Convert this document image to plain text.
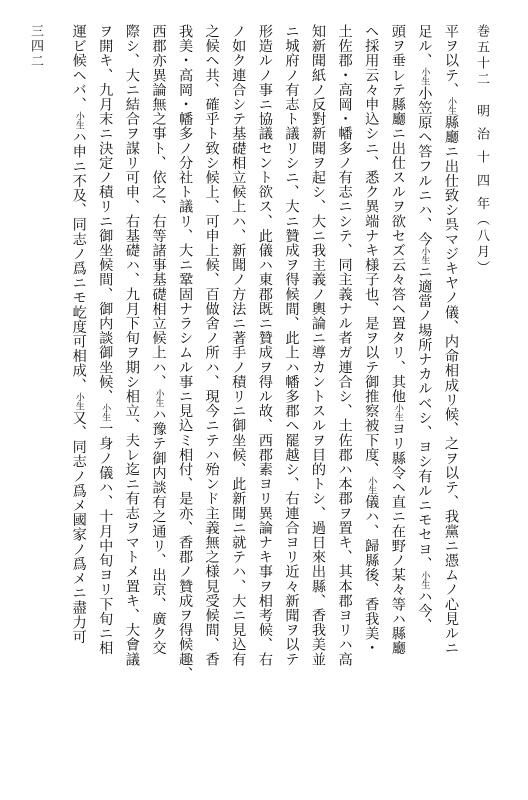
巻五十二　明 治 十 四 年（八月）
三四二	平ヲ以テ、小生縣廳ニ出仕致シ呉マジキヤノ儀、内命相成リ候、之ヲ以テ、我黨ニ憑ムノ心見ルニ
足ル、小生小笠原ヘ答フルニハ、今小生ニ適當ノ場所ナカルベシ、ヨシ有ルニモセヨ、小生ハ今、
頭ヲ垂レテ縣廳ニ出仕スルヲ欲セズ云々答ヘ置タリ、其他小生ヨリ縣令ヘ直ニ在野ノ某々等ハ縣廳
ヘ採用云々申込シニ、悉ク異端ナキ様子也、是ヲ以テ御推察被下度、小生儀ハ、歸縣後、香我美・
土佐郡・高岡・幡多ノ有志ニシテ、同主義ナル者ガ連合シ、土佐郡ハ本郡ヲ置キ、其本郡ヨリハ高
知新聞紙ノ反對新聞ヲ起シ、大ニ我主義ノ輿論ニ導カントスルヲ目的トシ、過日來出縣、香我美並
ニ城府ノ有志ト議リシニ、大ニ贊成ヲ得候間、此上ハ幡多郡ヘ罷越シ、右連合ヨリ近々新聞ヲ以テ
形造ルノ事ニ協議セント欲ス、此儀ハ東郡既ニ贊成ヲ得ル故、西郡素ヨリ異論ナキ事ヲ相考候、右
ノ如ク連合シテ基礎相立候上ハ、新聞ノ方法ニ著手ノ積リニ御坐候、此新聞ニ就テハ、大ニ見込有
之候ヘ共、確乎ト致シ候上、可申上候、百做舍ノ所ハ、現今ニテハ殆ンド主義無之様見受候間、香
我美・高岡・幡多ノ分社ト議リ、大ニ鞏固ナラシムル事ニ見込ミ相付、是亦、香郡ノ贊成ヲ得候趣、
西郡亦異論無之事ト、依之、右等諸事基礎相立候上ハ、小生ハ豫テ御内談有之通リ、出京、廣ク交
際シ、大ニ結合ヲ謀リ可申、右基礎ハ、九月下旬ヲ期シ相立、夫レ迄ニ有志ヲマトメ置キ、大會議
ヲ開キ、九月末ニ決定ノ積リニ御坐候間、御内談御坐候、小生一身ノ儀ハ、十月中旬ヨリ下旬ニ相
運ビ候ヘバ、小生ハ申ニ不及、同志ノ爲ニモ屹度可相成、小生又、同志ノ爲メ國家ノ爲メニ盡力可
